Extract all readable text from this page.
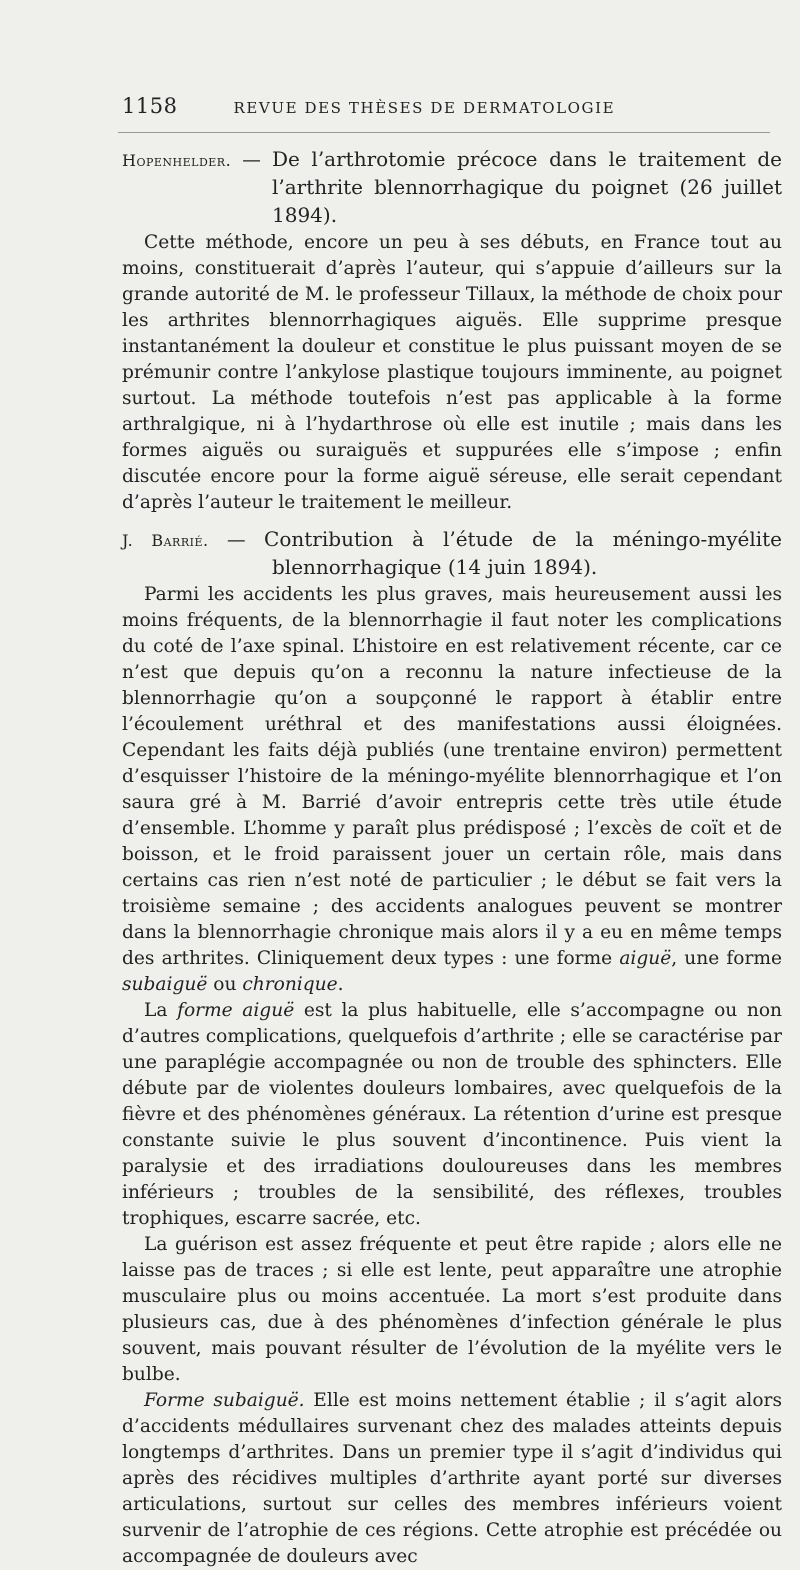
1158	REVUE DES THÈSES DE DERMATOLOGIE

Hopenhelder. — De l’arthrotomie précoce dans le traitement de l’arthrite blennorrhagique du poignet (26 juillet 1894).

Cette méthode, encore un peu à ses débuts, en France tout au moins, constituerait d’après l’auteur, qui s’appuie d’ailleurs sur la grande autorité de M. le professeur Tillaux, la méthode de choix pour les arthrites blennorrhagiques aiguës. Elle supprime presque instantanément la douleur et constitue le plus puissant moyen de se prémunir contre l’ankylose plastique toujours imminente, au poignet surtout. La méthode toutefois n’est pas applicable à la forme arthralgique, ni à l’hydarthrose où elle est inutile ; mais dans les formes aiguës ou suraiguës et suppurées elle s’impose ; enfin discutée encore pour la forme aiguë séreuse, elle serait cependant d’après l’auteur le traitement le meilleur.

J. Barrié. — Contribution à l’étude de la méningo-myélite blennorrhagique (14 juin 1894).

Parmi les accidents les plus graves, mais heureusement aussi les moins fréquents, de la blennorrhagie il faut noter les complications du coté de l’axe spinal. L’histoire en est relativement récente, car ce n’est que depuis qu’on a reconnu la nature infectieuse de la blennorrhagie qu’on a soupçonné le rapport à établir entre l’écoulement uréthral et des manifestations aussi éloignées. Cependant les faits déjà publiés (une trentaine environ) permettent d’esquisser l’histoire de la méningo-myélite blennorrhagique et l’on saura gré à M. Barrié d’avoir entrepris cette très utile étude d’ensemble. L’homme y paraît plus prédisposé ; l’excès de coït et de boisson, et le froid paraissent jouer un certain rôle, mais dans certains cas rien n’est noté de particulier ; le début se fait vers la troisième semaine ; des accidents analogues peuvent se montrer dans la blennorrhagie chronique mais alors il y a eu en même temps des arthrites. Cliniquement deux types : une forme aiguë, une forme subaiguë ou chronique.

La forme aiguë est la plus habituelle, elle s’accompagne ou non d’autres complications, quelquefois d’arthrite ; elle se caractérise par une paraplégie accompagnée ou non de trouble des sphincters. Elle débute par de violentes douleurs lombaires, avec quelquefois de la fièvre et des phénomènes généraux. La rétention d’urine est presque constante suivie le plus souvent d’incontinence. Puis vient la paralysie et des irradiations douloureuses dans les membres inférieurs ; troubles de la sensibilité, des réflexes, troubles trophiques, escarre sacrée, etc.

La guérison est assez fréquente et peut être rapide ; alors elle ne laisse pas de traces ; si elle est lente, peut apparaître une atrophie musculaire plus ou moins accentuée. La mort s’est produite dans plusieurs cas, due à des phénomènes d’infection générale le plus souvent, mais pouvant résulter de l’évolution de la myélite vers le bulbe.

Forme subaiguë. Elle est moins nettement établie ; il s’agit alors d’accidents médullaires survenant chez des malades atteints depuis longtemps d’arthrites. Dans un premier type il s’agit d’individus qui après des récidives multiples d’arthrite ayant porté sur diverses articulations, surtout sur celles des membres inférieurs voient survenir de l’atrophie de ces régions. Cette atrophie est précédée ou accompagnée de douleurs avec
